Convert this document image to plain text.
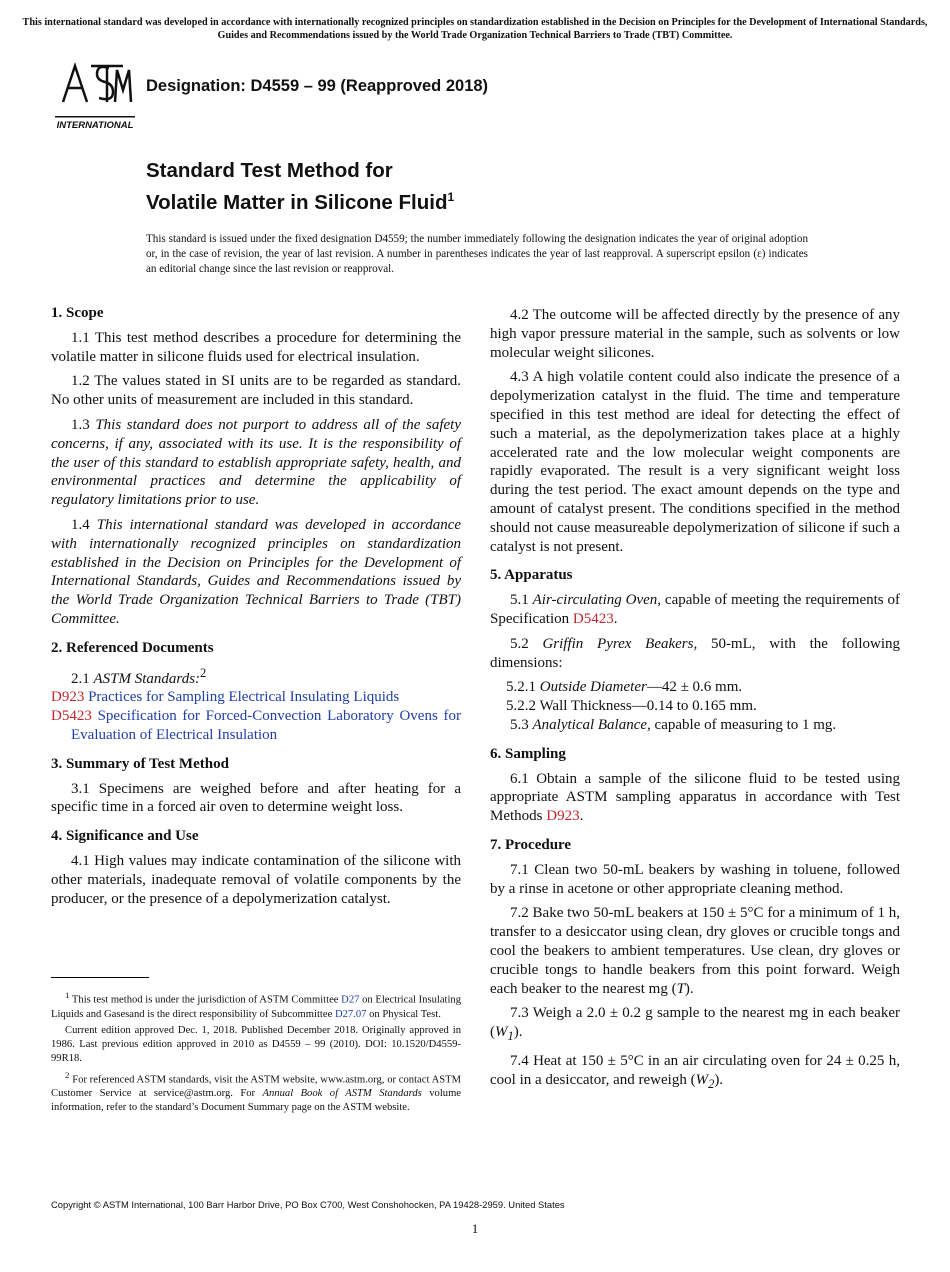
This international standard was developed in accordance with internationally recognized principles on standardization established in the Decision on Principles for the Development of International Standards, Guides and Recommendations issued by the World Trade Organization Technical Barriers to Trade (TBT) Committee.
INTERNATIONAL
Designation: D4559 – 99 (Reapproved 2018)
Standard Test Method for
Volatile Matter in Silicone Fluid$^1$
This standard is issued under the fixed designation D4559; the number immediately following the designation indicates the year of original adoption or, in the case of revision, the year of last revision. A number in parentheses indicates the year of last reapproval. A superscript epsilon (ε) indicates an editorial change since the last revision or reapproval.
1. Scope

1.1 This test method describes a procedure for determining the volatile matter in silicone fluids used for electrical insulation.

1.2 The values stated in SI units are to be regarded as standard. No other units of measurement are included in this standard.

1.3 This standard does not purport to address all of the safety concerns, if any, associated with its use. It is the responsibility of the user of this standard to establish appropriate safety, health, and environmental practices and determine the applicability of regulatory limitations prior to use.

1.4 This international standard was developed in accordance with internationally recognized principles on standardization established in the Decision on Principles for the Development of International Standards, Guides and Recommendations issued by the World Trade Organization Technical Barriers to Trade (TBT) Committee.

2. Referenced Documents

2.1 ASTM Standards:$^2$

D923 Practices for Sampling Electrical Insulating Liquids

D5423 Specification for Forced-Convection Laboratory Ovens for Evaluation of Electrical Insulation

3. Summary of Test Method

3.1 Specimens are weighed before and after heating for a specific time in a forced air oven to determine weight loss.

4. Significance and Use

4.1 High values may indicate contamination of the silicone with other materials, inadequate removal of volatile components by the producer, or the presence of a depolymerization catalyst.

$^1$ This test method is under the jurisdiction of ASTM Committee D27 on Electrical Insulating Liquids and Gasesand is the direct responsibility of Subcommittee D27.07 on Physical Test.

Current edition approved Dec. 1, 2018. Published December 2018. Originally approved in 1986. Last previous edition approved in 2010 as D4559 – 99 (2010). DOI: 10.1520/D4559-99R18.

$^2$ For referenced ASTM standards, visit the ASTM website, www.astm.org, or contact ASTM Customer Service at service@astm.org. For Annual Book of ASTM Standards volume information, refer to the standard’s Document Summary page on the ASTM website.

4.2 The outcome will be affected directly by the presence of any high vapor pressure material in the sample, such as solvents or low molecular weight silicones.

4.3 A high volatile content could also indicate the presence of a depolymerization catalyst in the fluid. The time and temperature specified in this test method are ideal for detecting the effect of such a material, as the depolymerization takes place at a highly accelerated rate and the low molecular weight components are rapidly evaporated. The result is a very significant weight loss during the test period. The exact amount depends on the type and amount of catalyst present. The conditions specified in the method should not cause measureable depolymerization of silicone if such a catalyst is not present.

5. Apparatus

5.1 Air-circulating Oven, capable of meeting the requirements of Specification D5423.

5.2 Griffin Pyrex Beakers, 50-mL, with the following dimensions:

5.2.1 Outside Diameter—42 ± 0.6 mm.

5.2.2 Wall Thickness—0.14 to 0.165 mm.

5.3 Analytical Balance, capable of measuring to 1 mg.

6. Sampling

6.1 Obtain a sample of the silicone fluid to be tested using appropriate ASTM sampling apparatus in accordance with Test Methods D923.

7. Procedure

7.1 Clean two 50-mL beakers by washing in toluene, followed by a rinse in acetone or other appropriate cleaning method.

7.2 Bake two 50-mL beakers at 150 ± 5°C for a minimum of 1 h, transfer to a desiccator using clean, dry gloves or crucible tongs and cool the beakers to ambient temperatures. Use clean, dry gloves or crucible tongs to handle beakers from this point forward. Weigh each beaker to the nearest mg (T).

7.3 Weigh a 2.0 ± 0.2 g sample to the nearest mg in each beaker $(W_1)$.

7.4 Heat at 150 ± 5°C in an air circulating oven for 24 ± 0.25 h, cool in a desiccator, and reweigh $(W_2)$.

Copyright © ASTM International, 100 Barr Harbor Drive, PO Box C700, West Conshohocken, PA 19428-2959. United States
1
